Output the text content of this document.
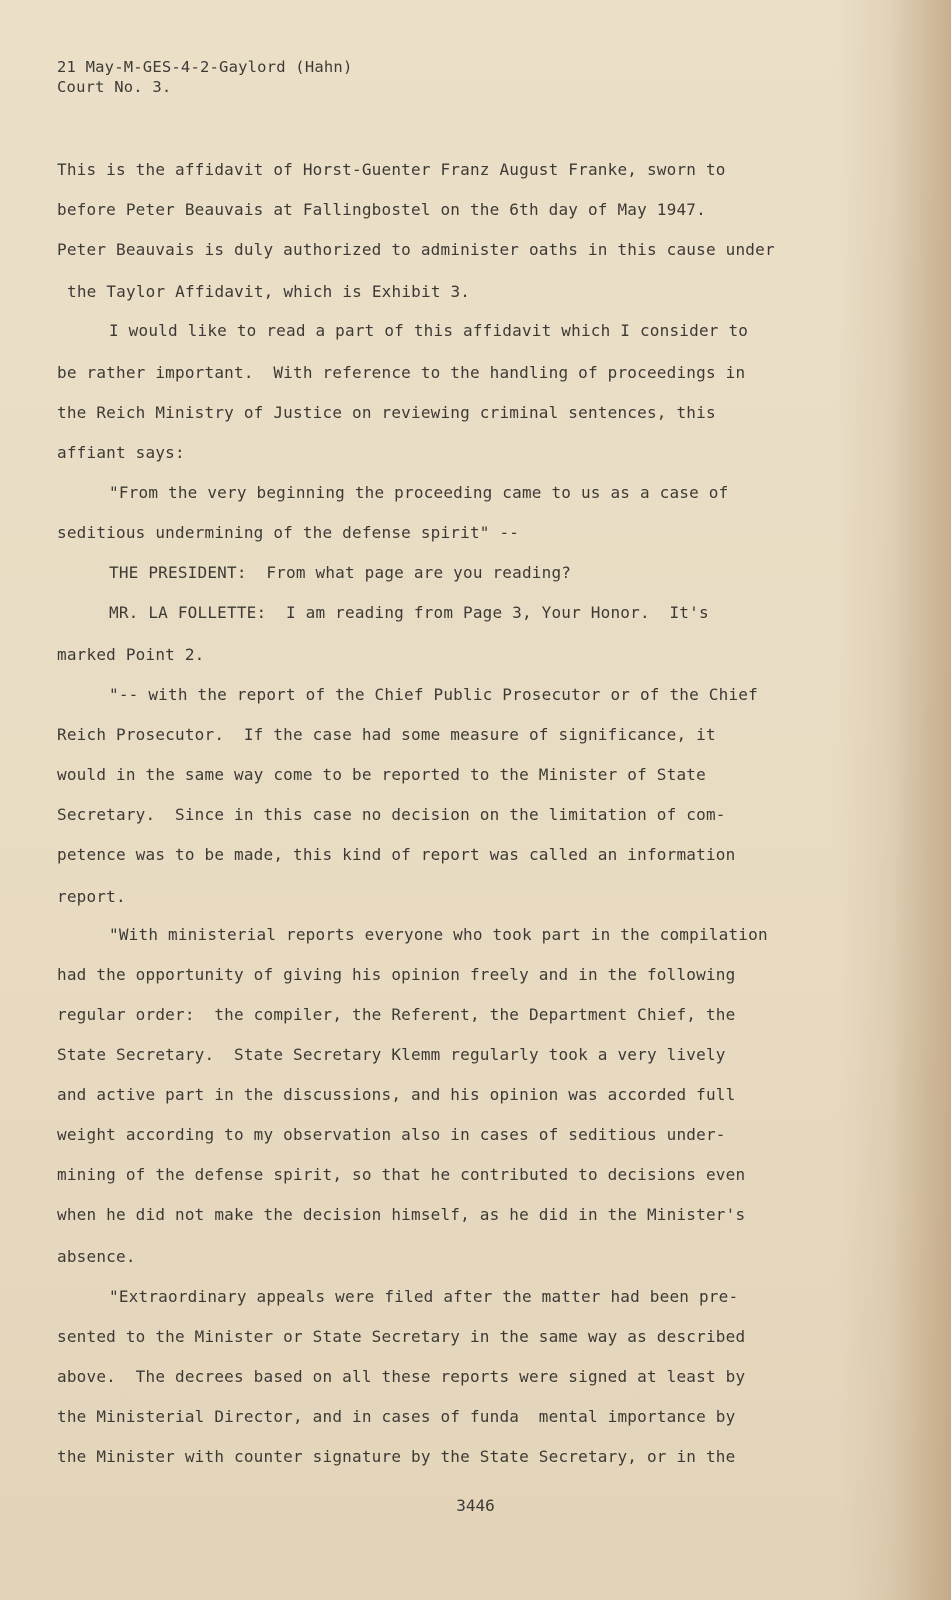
21 May-M-GES-4-2-Gaylord (Hahn)

Court No. 3.

This is the affidavit of Horst-Guenter Franz August Franke, sworn to

before Peter Beauvais at Fallingbostel on the 6th day of May 1947.

Peter Beauvais is duly authorized to administer oaths in this cause under

the Taylor Affidavit, which is Exhibit 3.

I would like to read a part of this affidavit which I consider to

be rather important.  With reference to the handling of proceedings in

the Reich Ministry of Justice on reviewing criminal sentences, this

affiant says:

"From the very beginning the proceeding came to us as a case of

seditious undermining of the defense spirit" --

THE PRESIDENT:  From what page are you reading?

MR. LA FOLLETTE:  I am reading from Page 3, Your Honor.  It's

marked Point 2.

"-- with the report of the Chief Public Prosecutor or of the Chief

Reich Prosecutor.  If the case had some measure of significance, it

would in the same way come to be reported to the Minister of State

Secretary.  Since in this case no decision on the limitation of com-

petence was to be made, this kind of report was called an information

report.

"With ministerial reports everyone who took part in the compilation

had the opportunity of giving his opinion freely and in the following

regular order:  the compiler, the Referent, the Department Chief, the

State Secretary.  State Secretary Klemm regularly took a very lively

and active part in the discussions, and his opinion was accorded full

weight according to my observation also in cases of seditious under-

mining of the defense spirit, so that he contributed to decisions even

when he did not make the decision himself, as he did in the Minister's

absence.

"Extraordinary appeals were filed after the matter had been pre-

sented to the Minister or State Secretary in the same way as described

above.  The decrees based on all these reports were signed at least by

the Ministerial Director, and in cases of funda  mental importance by

the Minister with counter signature by the State Secretary, or in the

3446
